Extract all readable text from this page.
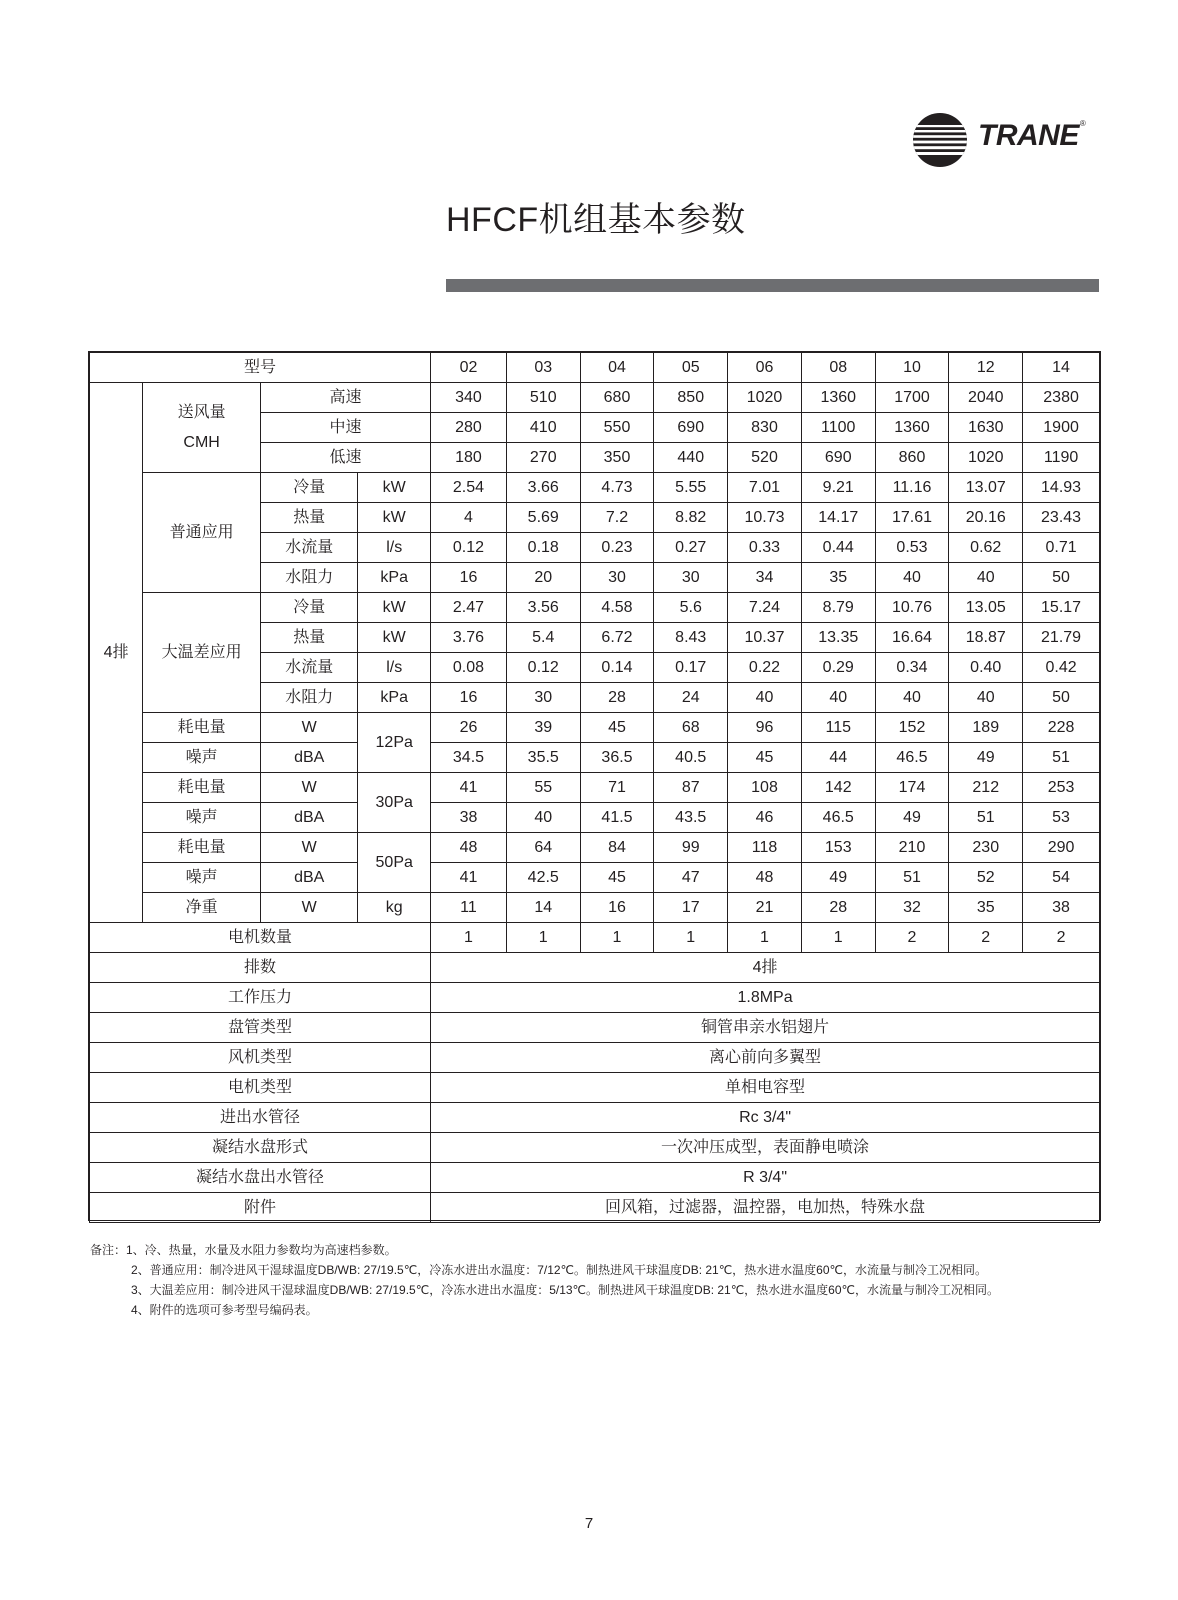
TRANE®
HFCF机组基本参数
型号				02	03	04	05	06	08	10	12	14
4排	送风量
CMH	高速		340	510	680	850	1020	1360	1700	2040	2380
		中速		280	410	550	690	830	1100	1360	1630	1900
		低速		180	270	350	440	520	690	860	1020	1190
	普通应用	冷量	kW	2.54	3.66	4.73	5.55	7.01	9.21	11.16	13.07	14.93
		热量	kW	4	5.69	7.2	8.82	10.73	14.17	17.61	20.16	23.43
		水流量	l/s	0.12	0.18	0.23	0.27	0.33	0.44	0.53	0.62	0.71
		水阻力	kPa	16	20	30	30	34	35	40	40	50
	大温差应用	冷量	kW	2.47	3.56	4.58	5.6	7.24	8.79	10.76	13.05	15.17
		热量	kW	3.76	5.4	6.72	8.43	10.37	13.35	16.64	18.87	21.79
		水流量	l/s	0.08	0.12	0.14	0.17	0.22	0.29	0.34	0.40	0.42
		水阻力	kPa	16	30	28	24	40	40	40	40	50
	耗电量	W	12Pa	26	39	45	68	96	115	152	189	228
	噪声	dBA		34.5	35.5	36.5	40.5	45	44	46.5	49	51
	耗电量	W	30Pa	41	55	71	87	108	142	174	212	253
	噪声	dBA		38	40	41.5	43.5	46	46.5	49	51	53
	耗电量	W	50Pa	48	64	84	99	118	153	210	230	290
	噪声	dBA		41	42.5	45	47	48	49	51	52	54
	净重	W	kg	11	14	16	17	21	28	32	35	38
电机数量				1	1	1	1	1	1	2	2	2
排数				4排								
工作压力				1.8MPa								
盘管类型				铜管串亲水铝翅片								
风机类型				离心前向多翼型								
电机类型				单相电容型								
进出水管径				Rc 3/4"								
凝结水盘形式				一次冲压成型，表面静电喷涂								
凝结水盘出水管径				R 3/4"								
附件				回风箱，过滤器，温控器，电加热，特殊水盘								
备注：1、冷、热量，水量及水阻力参数均为高速档参数。
2、普通应用：制冷进风干湿球温度DB/WB: 27/19.5℃，冷冻水进出水温度：7/12℃。制热进风干球温度DB: 21℃，热水进水温度60℃，水流量与制冷工况相同。
3、大温差应用：制冷进风干湿球温度DB/WB: 27/19.5℃，冷冻水进出水温度：5/13℃。制热进风干球温度DB: 21℃，热水进水温度60℃，水流量与制冷工况相同。
4、附件的选项可参考型号编码表。
7
